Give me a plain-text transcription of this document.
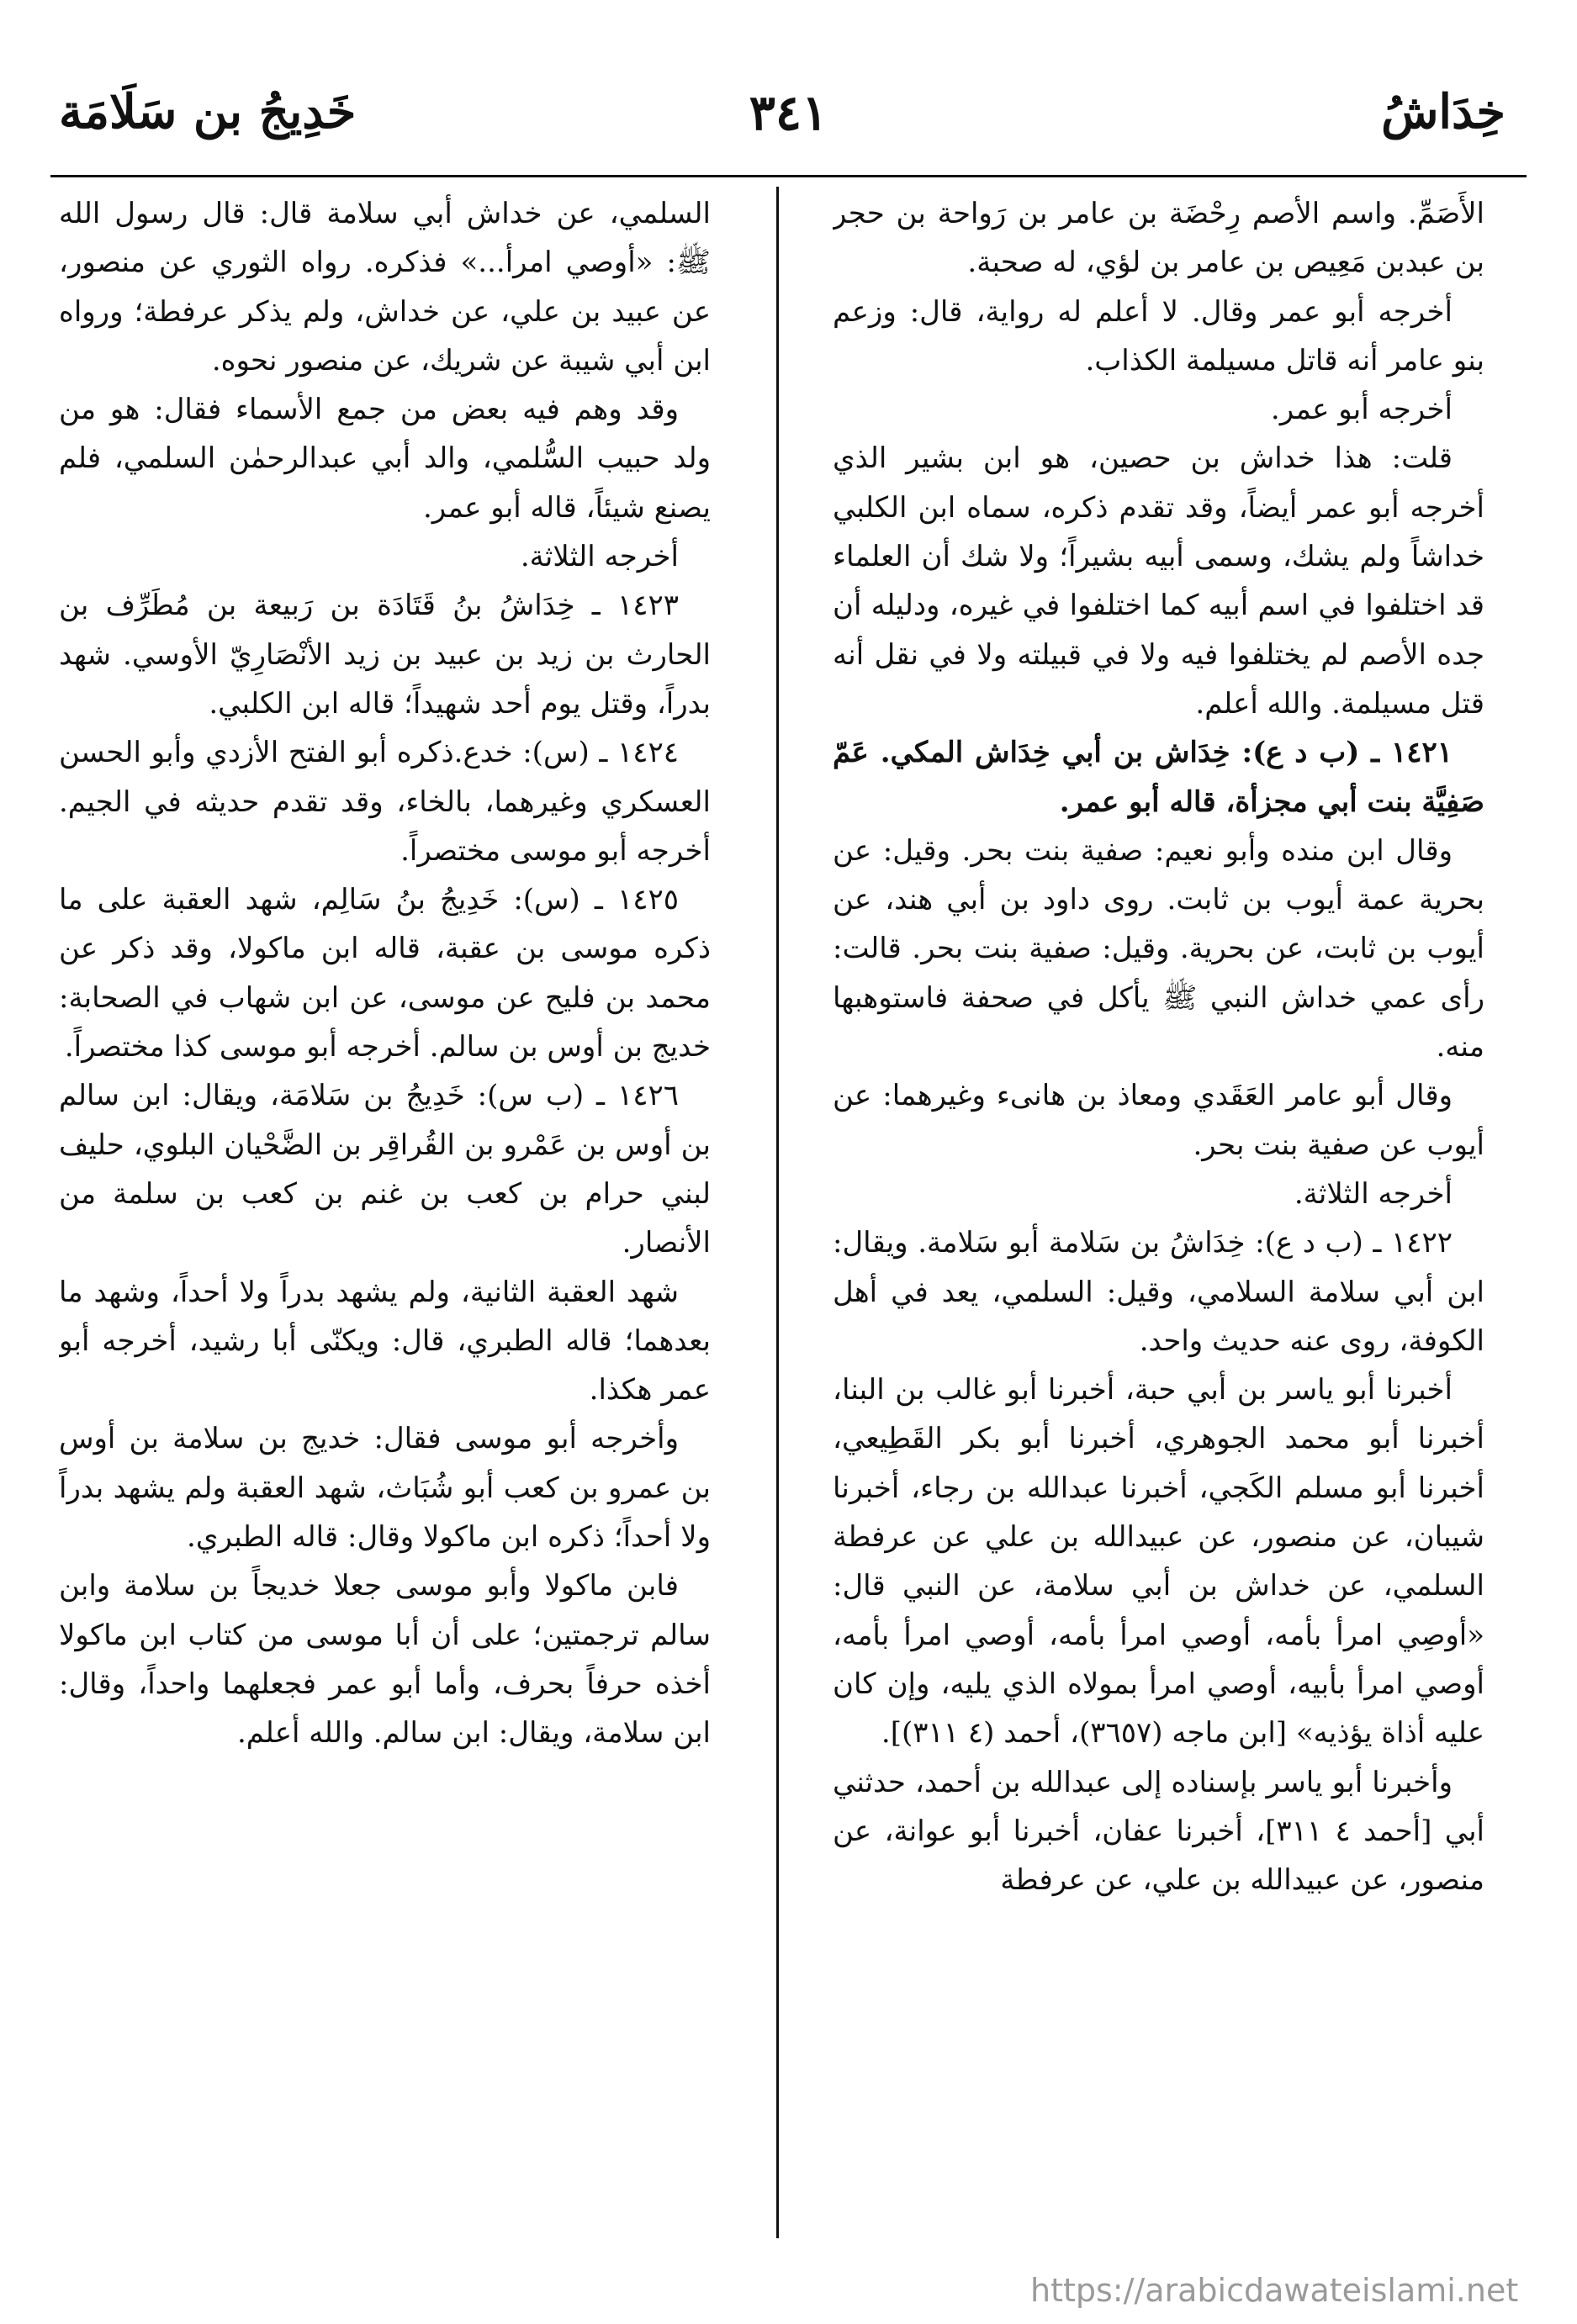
خِدَاشُ
٣٤١
خَدِيجُ بن سَلَامَة

الأَصَمِّ. واسم الأصم رِحْضَة بن عامر بن رَواحة بن حجر بن عبدبن مَعِيص بن عامر بن لؤي، له صحبة.

أخرجه أبو عمر وقال. لا أعلم له رواية، قال: وزعم بنو عامر أنه قاتل مسيلمة الكذاب.

أخرجه أبو عمر.

قلت: هذا خداش بن حصين، هو ابن بشير الذي أخرجه أبو عمر أيضاً، وقد تقدم ذكره، سماه ابن الكلبي خداشاً ولم يشك، وسمى أبيه بشيراً؛ ولا شك أن العلماء قد اختلفوا في اسم أبيه كما اختلفوا في غيره، ودليله أن جده الأصم لم يختلفوا فيه ولا في قبيلته ولا في نقل أنه قتل مسيلمة. والله أعلم.

١٤٢١ ـ (ب د ع): خِدَاش بن أبي خِدَاش المكي. عَمّ صَفِيَّة بنت أبي مجزأة، قاله أبو عمر.

وقال ابن منده وأبو نعيم: صفية بنت بحر. وقيل: عن بحرية عمة أيوب بن ثابت. روى داود بن أبي هند، عن أيوب بن ثابت، عن بحرية. وقيل: صفية بنت بحر. قالت: رأى عمي خداش النبي ﷺ يأكل في صحفة فاستوهبها منه.

وقال أبو عامر العَقَدي ومعاذ بن هانىء وغيرهما: عن أيوب عن صفية بنت بحر.

أخرجه الثلاثة.

١٤٢٢ ـ (ب د ع): خِدَاشُ بن سَلامة أبو سَلامة. ويقال: ابن أبي سلامة السلامي، وقيل: السلمي، يعد في أهل الكوفة، روى عنه حديث واحد.

أخبرنا أبو ياسر بن أبي حبة، أخبرنا أبو غالب بن البنا، أخبرنا أبو محمد الجوهري، أخبرنا أبو بكر القَطِيعي، أخبرنا أبو مسلم الكَجي، أخبرنا عبدالله بن رجاء، أخبرنا شيبان، عن منصور، عن عبيدالله بن علي عن عرفطة السلمي، عن خداش بن أبي سلامة، عن النبي قال: «أوصِي امرأ بأمه، أوصي امرأ بأمه، أوصي امرأ بأمه، أوصي امرأ بأبيه، أوصي امرأ بمولاه الذي يليه، وإن كان عليه أذاة يؤذيه» [ابن ماجه (٣٦٥٧)، أحمد (٤ ٣١١)].

وأخبرنا أبو ياسر بإسناده إلى عبدالله بن أحمد، حدثني أبي [أحمد ٤ ٣١١]، أخبرنا عفان، أخبرنا أبو عوانة، عن منصور، عن عبيدالله بن علي، عن عرفطة

السلمي، عن خداش أبي سلامة قال: قال رسول الله ﷺ: «أوصي امرأ...» فذكره. رواه الثوري عن منصور، عن عبيد بن علي، عن خداش، ولم يذكر عرفطة؛ ورواه ابن أبي شيبة عن شريك، عن منصور نحوه.

وقد وهم فيه بعض من جمع الأسماء فقال: هو من ولد حبيب السُّلمي، والد أبي عبدالرحمٰن السلمي، فلم يصنع شيئاً، قاله أبو عمر.

أخرجه الثلاثة.

١٤٢٣ ـ خِدَاشُ بنُ قَتَادَة بن رَبيعة بن مُطَرِّف بن الحارث بن زيد بن عبيد بن زيد الأنْصَارِيّ الأوسي. شهد بدراً، وقتل يوم أحد شهيداً؛ قاله ابن الكلبي.

١٤٢٤ ـ (س): خدع.ذكره أبو الفتح الأزدي وأبو الحسن العسكري وغيرهما، بالخاء، وقد تقدم حديثه في الجيم. أخرجه أبو موسى مختصراً.

١٤٢٥ ـ (س): خَدِيجُ بنُ سَالِم، شهد العقبة على ما ذكره موسى بن عقبة، قاله ابن ماكولا، وقد ذكر عن محمد بن فليح عن موسى، عن ابن شهاب في الصحابة: خديج بن أوس بن سالم. أخرجه أبو موسى كذا مختصراً.

١٤٢٦ ـ (ب س): خَدِيجُ بن سَلامَة، ويقال: ابن سالم بن أوس بن عَمْرو بن القُراقِر بن الضَّحْيان البلوي، حليف لبني حرام بن كعب بن غنم بن كعب بن سلمة من الأنصار.

شهد العقبة الثانية، ولم يشهد بدراً ولا أحداً، وشهد ما بعدهما؛ قاله الطبري، قال: ويكنّى أبا رشيد، أخرجه أبو عمر هكذا.

وأخرجه أبو موسى فقال: خديج بن سلامة بن أوس بن عمرو بن كعب أبو شُبَاث، شهد العقبة ولم يشهد بدراً ولا أحداً؛ ذكره ابن ماكولا وقال: قاله الطبري.

فابن ماكولا وأبو موسى جعلا خديجاً بن سلامة وابن سالم ترجمتين؛ على أن أبا موسى من كتاب ابن ماكولا أخذه حرفاً بحرف، وأما أبو عمر فجعلهما واحداً، وقال: ابن سلامة، ويقال: ابن سالم. والله أعلم.

https://arabicdawateislami.net
